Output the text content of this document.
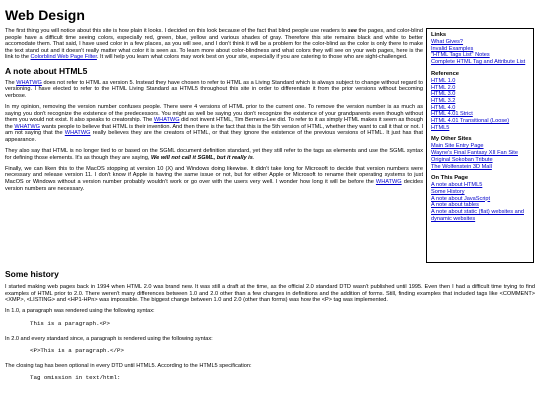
Web Design

The first thing you will notice about this site is how plain it looks. I decided on this look because of the fact that blind people use readers to see the pages, and color-blind people have a difficult time seeing colors, especially red, green, blue, yellow and various shades of gray. Therefore this site remains black and white to better accomodate them. That said, I have used color in a few places, as you will see, and I don't think it will be a problem for the color-blind as the color is only there to make the text stand out and it doesn't really matter what color it is seen as. To learn more about color-blindness and what colors they will see on your web pages, here is the link to the Colorblind Web Page Filter. It will help you learn what colors may work best on your site, especially if you are catering to those who are sight-challenged.

A note about HTML5

The WHATWG does not refer to HTML as version 5. Instead they have chosen to refer to HTML as a Living Standard which is always subject to change without regard to versioning. I have elected to refer to the HTML Living Standard as HTML5 throughout this site in order to differentiate it from the prior versions without becoming verbose.

In my opinion, removing the version number confuses people. There were 4 versions of HTML prior to the current one. To remove the version number is as much as saying you don't recognize the existence of the predecessors. You might as well be saying you don't recognize the existence of your grandparents even though without them you would not exist. It also speaks to creatorship. The WHATWG did not invent HTML, Tim Berners-Lee did. To refer to it as simply HTML makes it seem as though the WHATWG wants people to believe that HTML is their invention. And then there is the fact that this is the 5th version of HTML, whether they want to call it that or not. I am not saying that the WHATWG really believes they are the creators of HTML, or that they ignore the existence of the previous versions of HTML. It just has that appearance.

They also say that HTML is no longer tied to or based on the SGML document definition standard, yet they still refer to the tags as elements and use the SGML syntax for defining those elements. It's as though they are saying, We will not call it SGML, but it really is.

Finally, we can liken this to the MacOS stopping at version 10 (X) and Windows doing likewise. It didn't take long for Microsoft to decide that version numbers were necessary and release version 11. I don't know if Apple is having the same issue or not, but for either Apple or Microsoft to rename their operating systems to just MacOS or Windows without a version number probably wouldn't work or go over with the users very well. I wonder how long it will be before the WHATWG decides version numbers are necessary.

Links
What Gives?
Invalid Examples
"HTML Tags List" Notes
Complete HTML Tag and Attribute List
Reference
HTML 1.0
HTML 2.0
HTML 3.0
HTML 3.2
HTML 4.0
HTML 4.01 Strict
HTML 4.01 Transitional (Loose)
HTML5
My Other Sites
Main Site Entry Page
Wayne's Final Fantasy XII Fan Site
Original Sokoban Tribute
The Wolfenstein 3D Mall
On This Page
A note about HTML5
Some History
A note about JavaScript
A note about tables
A note about static (flat) websites and dynamic websites
Some history

I started making web pages back in 1994 when HTML 2.0 was brand new. It was still a draft at the time, as the official 2.0 standard DTD wasn't published until 1995. Even then I had a difficult time trying to find examples of HTML prior to 2.0. There weren't many differences between 1.0 and 2.0 other than a few changes in definitions and the addition of forms. Still, finding examples that included tags like <COMMENT> <XMP>, <LISTING> and <HP1-HPn> was impossible. The biggest change between 1.0 and 2.0 (other than forms) was how the <P> tag was implemented.

In 1.0, a paragraph was rendered using the following syntax:

This is a paragraph.<P>

In 2.0 and every standard since, a paragraph is rendered using the following syntax:

<P>This is a paragraph.</P>

The closing tag has been optional in every DTD until HTML5. According to the HTML5 specification:

Tag omission in text/html:
